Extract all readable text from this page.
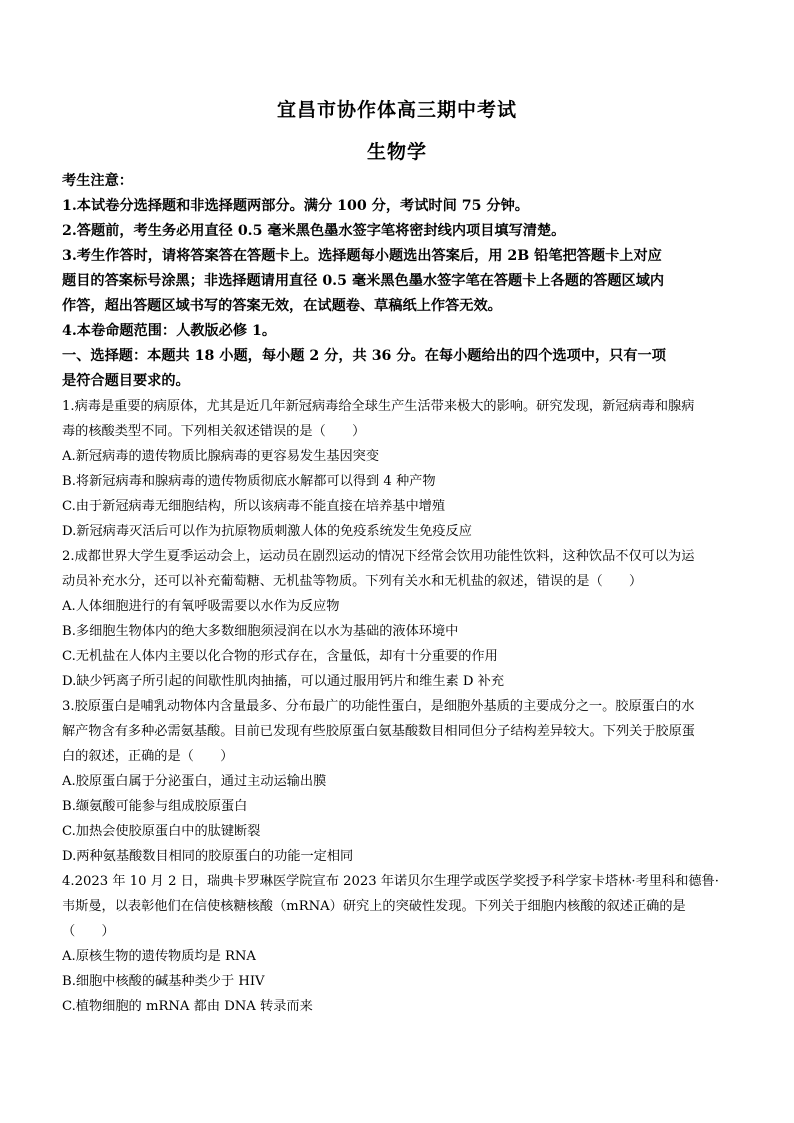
宜昌市协作体高三期中考试
生物学
考生注意：
1.本试卷分选择题和非选择题两部分。满分 100 分，考试时间 75 分钟。
2.答题前，考生务必用直径 0.5 毫米黑色墨水签字笔将密封线内项目填写清楚。
3.考生作答时，请将答案答在答题卡上。选择题每小题选出答案后，用 2B 铅笔把答题卡上对应
题目的答案标号涂黑；非选择题请用直径 0.5 毫米黑色墨水签字笔在答题卡上各题的答题区域内
作答，超出答题区域书写的答案无效，在试题卷、草稿纸上作答无效。
4.本卷命题范围：人教版必修 1。
一、选择题：本题共 18 小题，每小题 2 分，共 36 分。在每小题给出的四个选项中，只有一项
是符合题目要求的。
1.病毒是重要的病原体，尤其是近几年新冠病毒给全球生产生活带来极大的影响。研究发现，新冠病毒和腺病
毒的核酸类型不同。下列相关叙述错误的是（　　）
A.新冠病毒的遗传物质比腺病毒的更容易发生基因突变
B.将新冠病毒和腺病毒的遗传物质彻底水解都可以得到 4 种产物
C.由于新冠病毒无细胞结构，所以该病毒不能直接在培养基中增殖
D.新冠病毒灭活后可以作为抗原物质刺激人体的免疫系统发生免疫反应
2.成都世界大学生夏季运动会上，运动员在剧烈运动的情况下经常会饮用功能性饮料，这种饮品不仅可以为运
动员补充水分，还可以补充葡萄糖、无机盐等物质。下列有关水和无机盐的叙述，错误的是（　　）
A.人体细胞进行的有氧呼吸需要以水作为反应物
B.多细胞生物体内的绝大多数细胞须浸润在以水为基础的液体环境中
C.无机盐在人体内主要以化合物的形式存在，含量低，却有十分重要的作用
D.缺少钙离子所引起的间歇性肌肉抽搐，可以通过服用钙片和维生素 D 补充
3.胶原蛋白是哺乳动物体内含量最多、分布最广的功能性蛋白，是细胞外基质的主要成分之一。胶原蛋白的水
解产物含有多种必需氨基酸。目前已发现有些胶原蛋白氨基酸数目相同但分子结构差异较大。下列关于胶原蛋
白的叙述，正确的是（　　）
A.胶原蛋白属于分泌蛋白，通过主动运输出膜
B.缬氨酸可能参与组成胶原蛋白
C.加热会使胶原蛋白中的肽键断裂
D.两种氨基酸数目相同的胶原蛋白的功能一定相同
4.2023 年 10 月 2 日，瑞典卡罗琳医学院宣布 2023 年诺贝尔生理学或医学奖授予科学家卡塔林·考里科和德鲁·
韦斯曼，以表彰他们在信使核糖核酸（mRNA）研究上的突破性发现。下列关于细胞内核酸的叙述正确的是
（　　）
A.原核生物的遗传物质均是 RNA
B.细胞中核酸的碱基种类少于 HIV
C.植物细胞的 mRNA 都由 DNA 转录而来
